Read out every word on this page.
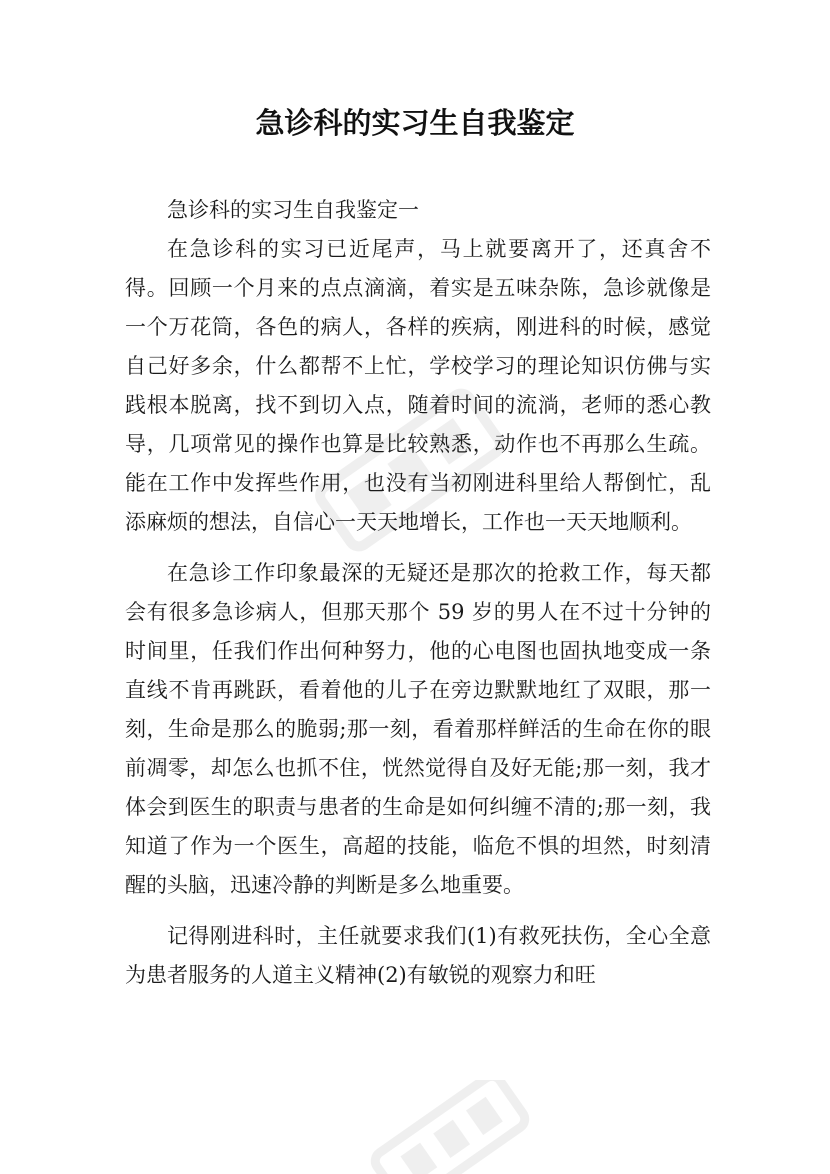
急诊科的实习生自我鉴定

急诊科的实习生自我鉴定一

在急诊科的实习已近尾声，马上就要离开了，还真舍不得。回顾一个月来的点点滴滴，着实是五味杂陈，急诊就像是一个万花筒，各色的病人，各样的疾病，刚进科的时候，感觉自己好多余，什么都帮不上忙，学校学习的理论知识仿佛与实践根本脱离，找不到切入点，随着时间的流淌，老师的悉心教导，几项常见的操作也算是比较熟悉，动作也不再那么生疏。能在工作中发挥些作用，也没有当初刚进科里给人帮倒忙，乱添麻烦的想法，自信心一天天地增长，工作也一天天地顺利。

在急诊工作印象最深的无疑还是那次的抢救工作，每天都会有很多急诊病人，但那天那个 59 岁的男人在不过十分钟的时间里，任我们作出何种努力，他的心电图也固执地变成一条直线不肯再跳跃，看着他的儿子在旁边默默地红了双眼，那一刻，生命是那么的脆弱;那一刻，看着那样鲜活的生命在你的眼前凋零，却怎么也抓不住，恍然觉得自及好无能;那一刻，我才体会到医生的职责与患者的生命是如何纠缠不清的;那一刻，我知道了作为一个医生，高超的技能，临危不惧的坦然，时刻清醒的头脑，迅速冷静的判断是多么地重要。

记得刚进科时，主任就要求我们(1)有救死扶伤，全心全意为患者服务的人道主义精神(2)有敏锐的观察力和旺
